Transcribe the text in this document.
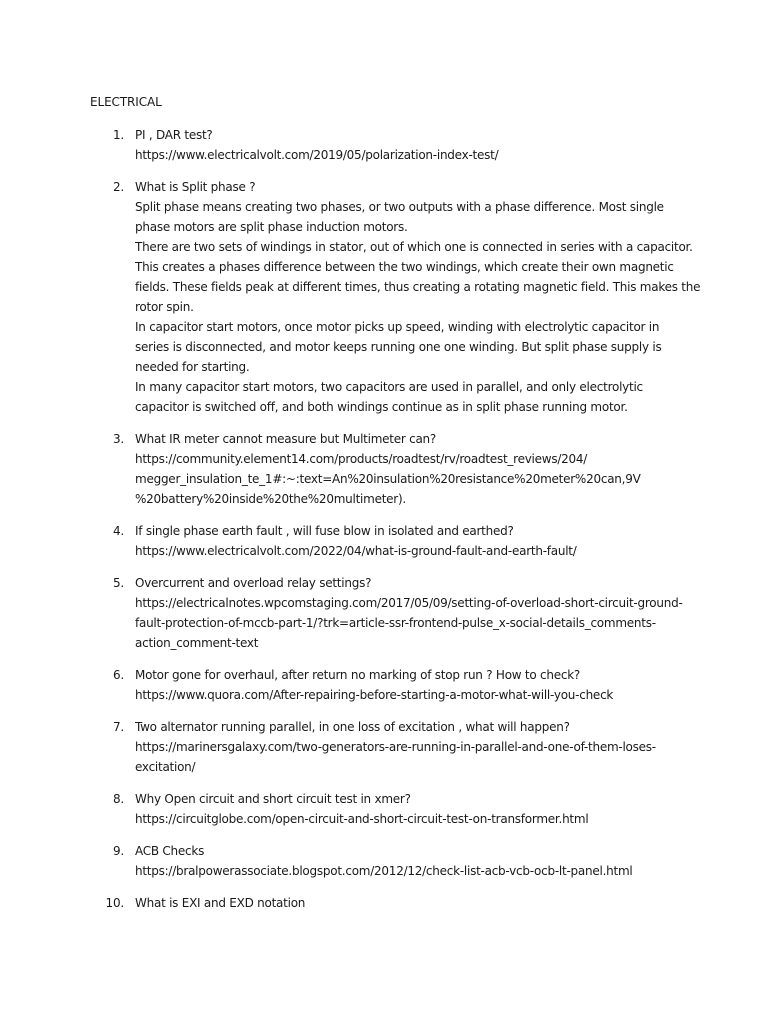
ELECTRICAL
1. PI , DAR test?
https://www.electricalvolt.com/2019/05/polarization-index-test/
2. What is Split phase ?
Split phase means creating two phases, or two outputs with a phase difference. Most single
phase motors are split phase induction motors.
There are two sets of windings in stator, out of which one is connected in series with a capacitor.
This creates a phases difference between the two windings, which create their own magnetic
fields. These fields peak at different times, thus creating a rotating magnetic field. This makes the
rotor spin.
In capacitor start motors, once motor picks up speed, winding with electrolytic capacitor in
series is disconnected, and motor keeps running one one winding. But split phase supply is
needed for starting.
In many capacitor start motors, two capacitors are used in parallel, and only electrolytic
capacitor is switched off, and both windings continue as in split phase running motor.
3. What IR meter cannot measure but Multimeter can?
https://community.element14.com/products/roadtest/rv/roadtest_reviews/204/
megger_insulation_te_1#:~:text=An%20insulation%20resistance%20meter%20can,9V
%20battery%20inside%20the%20multimeter).
4. If single phase earth fault , will fuse blow in isolated and earthed?
https://www.electricalvolt.com/2022/04/what-is-ground-fault-and-earth-fault/
5. Overcurrent and overload relay settings?
https://electricalnotes.wpcomstaging.com/2017/05/09/setting-of-overload-short-circuit-ground-
fault-protection-of-mccb-part-1/?trk=article-ssr-frontend-pulse_x-social-details_comments-
action_comment-text
6. Motor gone for overhaul, after return no marking of stop run ? How to check?
https://www.quora.com/After-repairing-before-starting-a-motor-what-will-you-check
7. Two alternator running parallel, in one loss of excitation , what will happen?
https://marinersgalaxy.com/two-generators-are-running-in-parallel-and-one-of-them-loses-
excitation/
8. Why Open circuit and short circuit test in xmer?
https://circuitglobe.com/open-circuit-and-short-circuit-test-on-transformer.html
9. ACB Checks
https://bralpowerassociate.blogspot.com/2012/12/check-list-acb-vcb-ocb-lt-panel.html
10. What is EXI and EXD notation
